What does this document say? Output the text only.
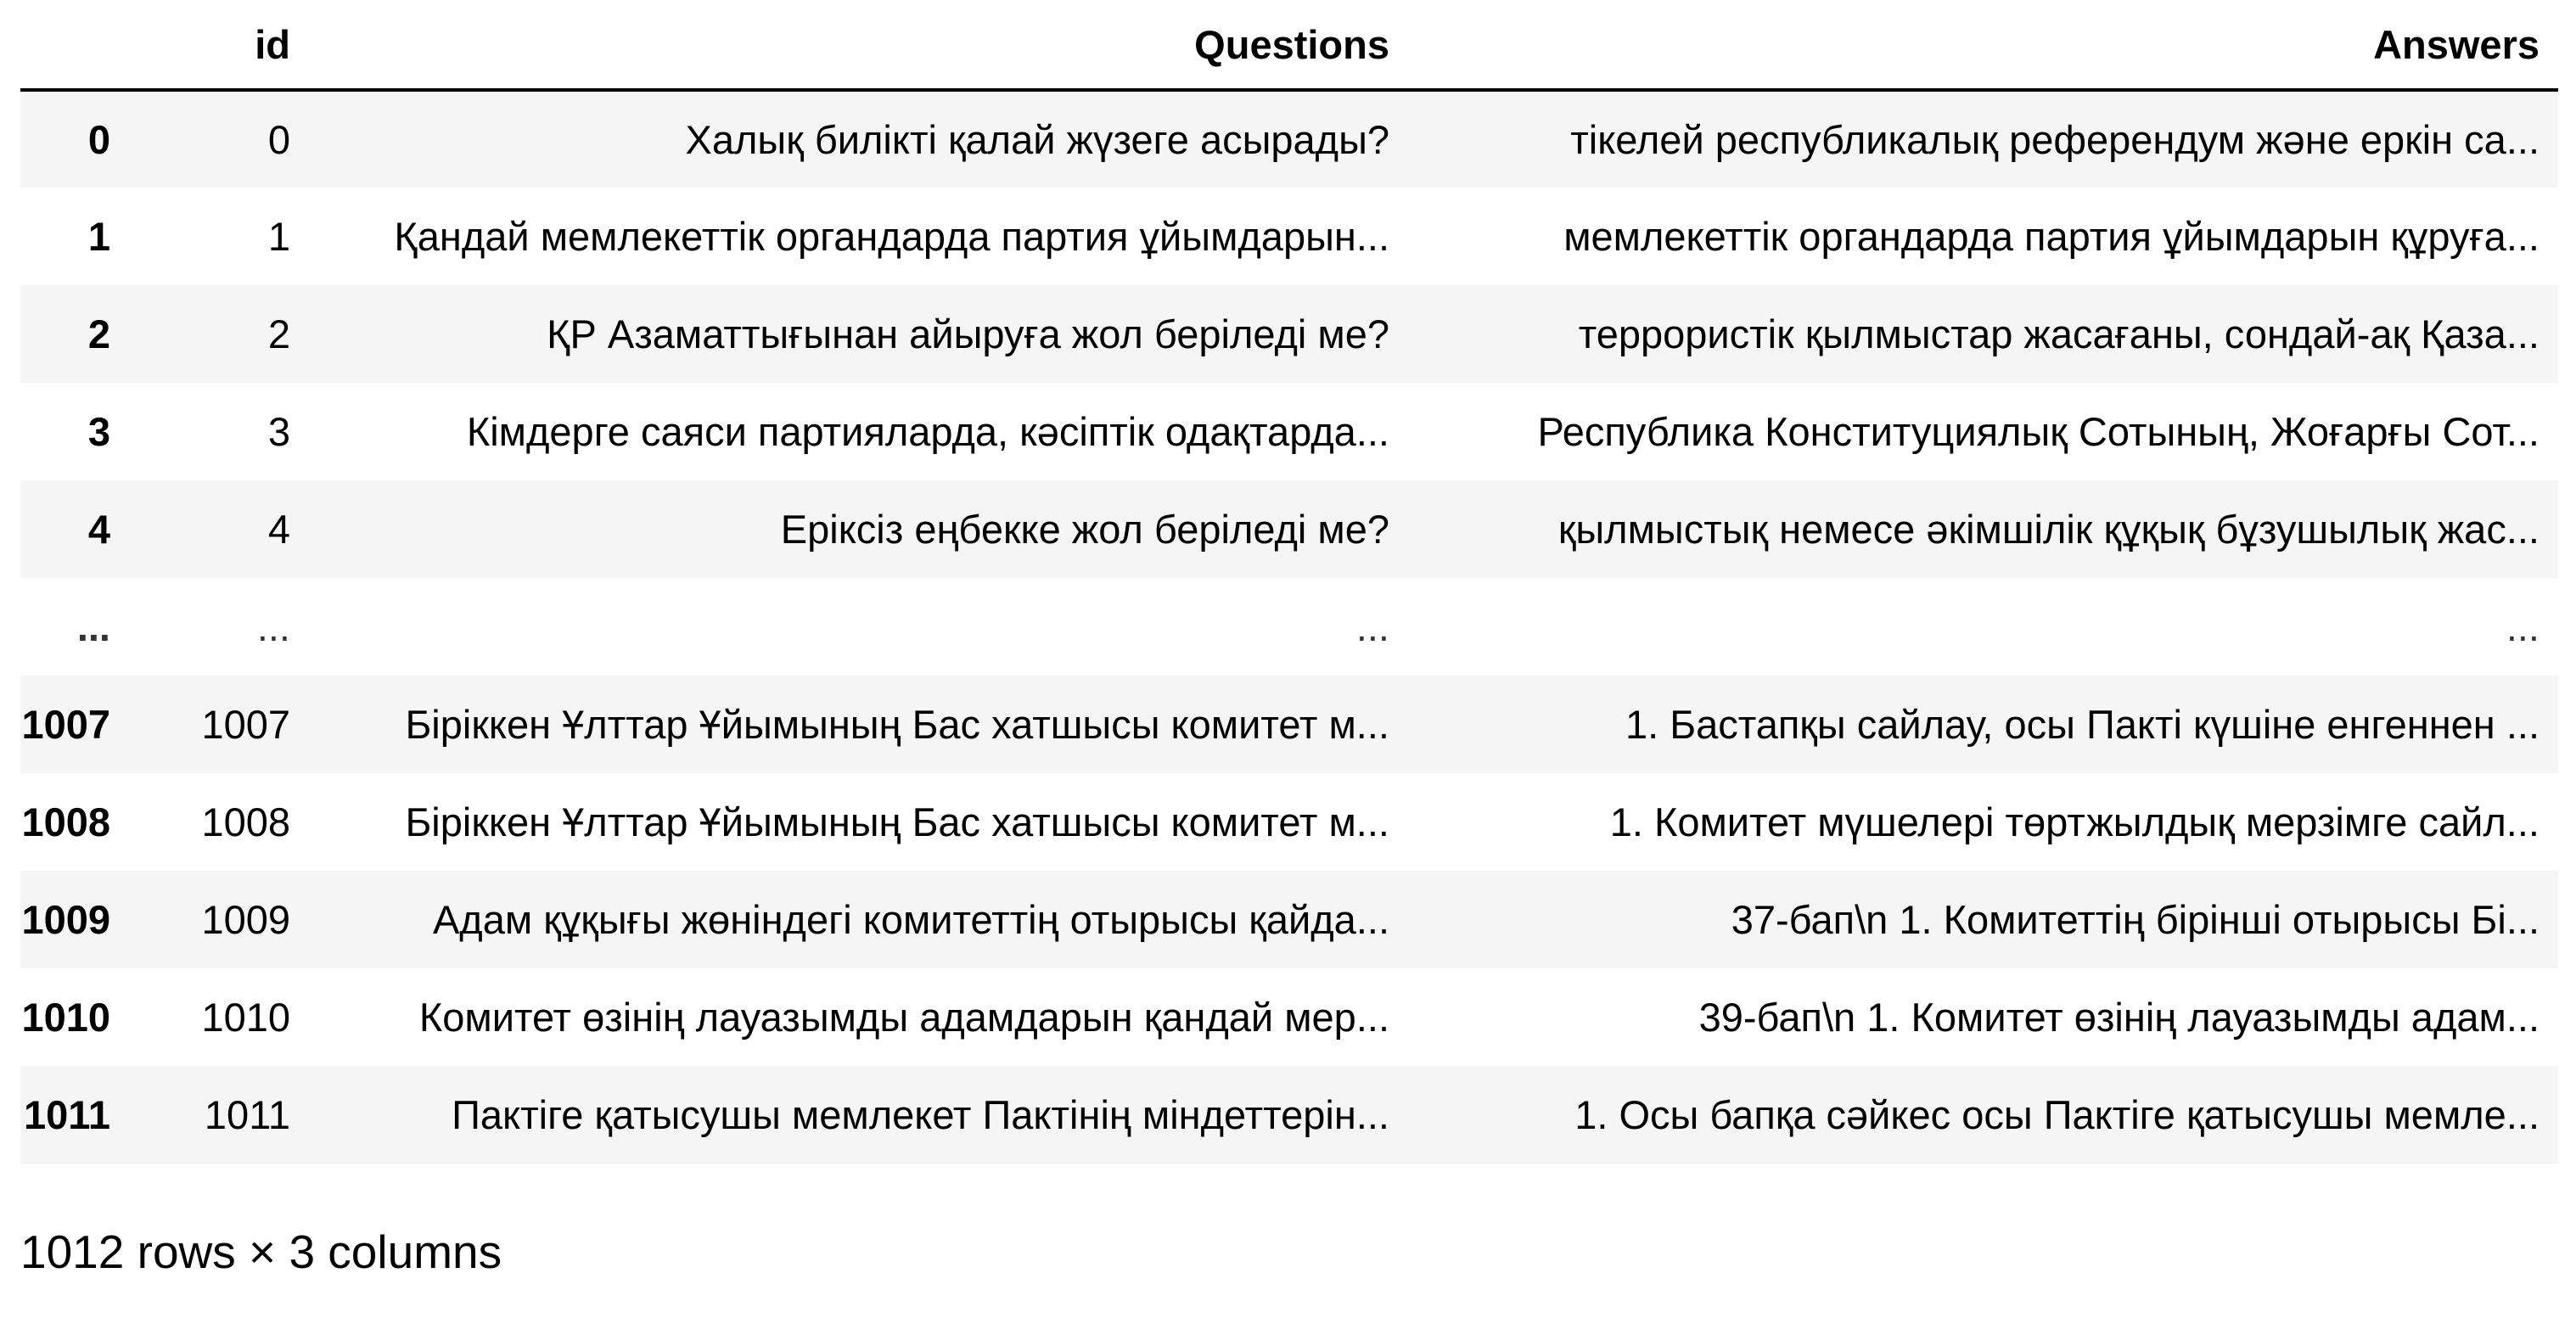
	id	Questions	Answers
0	0	Халық билікті қалай жүзеге асырады?	тікелей республикалық референдум және еркін са...
1	1	Қандай мемлекеттік органдарда партия ұйымдарын...	мемлекеттік органдарда партия ұйымдарын құруға...
2	2	ҚР Азаматтығынан айыруға жол беріледі ме?	террористік қылмыстар жасағаны, сондай-ақ Қаза...
3	3	Кімдерге саяси партияларда, кәсіптік одақтарда...	Республика Конституциялық Сотының, Жоғарғы Сот...
4	4	Еріксіз еңбекке жол беріледі ме?	қылмыстық немесе әкімшілік құқық бұзушылық жас...
...	...	...	...
1007	1007	Біріккен Ұлттар Ұйымының Бас хатшысы комитет м...	1. Бастапқы сайлау, осы Пакті күшіне енгеннен ...
1008	1008	Біріккен Ұлттар Ұйымының Бас хатшысы комитет м...	1. Комитет мүшелері төртжылдық мерзімге сайл...
1009	1009	Адам құқығы жөніндегі комитеттің отырысы қайда...	37-бап\n 1. Комитеттің бірінші отырысы Бі...
1010	1010	Комитет өзінің лауазымды адамдарын қандай мер...	39-бап\n 1. Комитет өзінің лауазымды адам...
1011	1011	Пактіге қатысушы мемлекет Пактінің міндеттерін...	1. Осы бапқа сәйкес осы Пактіге қатысушы мемле...
1012 rows × 3 columns
